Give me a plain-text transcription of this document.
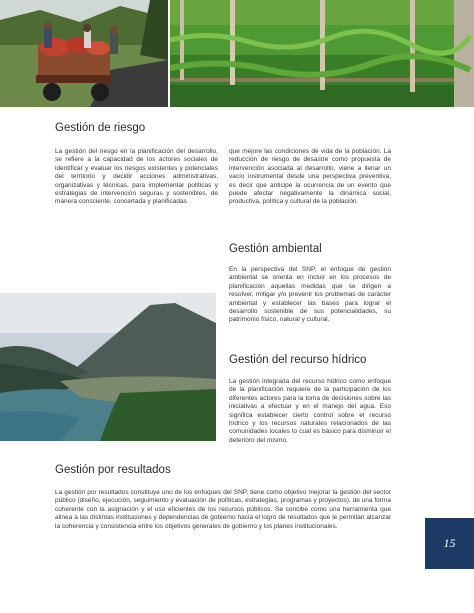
Gestión de riesgo

La gestión del riesgo en la planificación del desarrollo, se refiere a la capacidad de los actores sociales de identificar y evaluar los riesgos existentes y potenciales del territorio y decidir acciones administrativas, organizativas y técnicas, para implementar políticas y estrategias de intervención seguras y sostenibles, de manera consciente, concertada y planificadas

que mejore las condiciones de vida de la población. La reducción de riesgo de desastre como propuesta de intervención asociada al desarrollo, viene a llenar un vacío instrumental desde una perspectiva preventiva, es decir que anticipe la ocurrencia de un evento que puede afectar negativamente la dinámica social, productiva, política y cultural de la población.

Gestión ambiental

En la perspectiva del SNP, el enfoque de gestión ambiental se orienta en incluir en los procesos de planificación aquellas medidas que se dirigen a resolver, mitigar y/o prevenir los problemas de carácter ambiental y establecer las bases para lograr el desarrollo sostenible de sus potencialidades, su patrimonio físico, natural y cultural.

Gestión del recurso hídrico

La gestión integrada del recurso hídrico como enfoque de la planificación requiere de la participación de los diferentes actores para la toma de decisiones sobre las iniciativas a efectuar y en el manejo del agua. Eso significa establecer cierto control sobre el recurso hídrico y los recursos naturales relacionados de las comunidades locales lo cual es básico para disminuir el deterioro del mismo.

Gestión por resultados

La gestión por resultados constituye uno de los enfoques del SNP, tiene como objetivo mejorar la gestión del sector público (diseño, ejecución, seguimiento y evaluación de políticas, estrategias, programas y proyectos), de una forma coherente con la asignación y el uso eficientes de los recursos públicos. Se concibe como una herramienta que alinea a las distintas instituciones y dependencias de gobierno hacia el logro de resultados que le permitan alcanzar la coherencia y consistencia entre los objetivos generales de gobierno y los planes institucionales.

15
